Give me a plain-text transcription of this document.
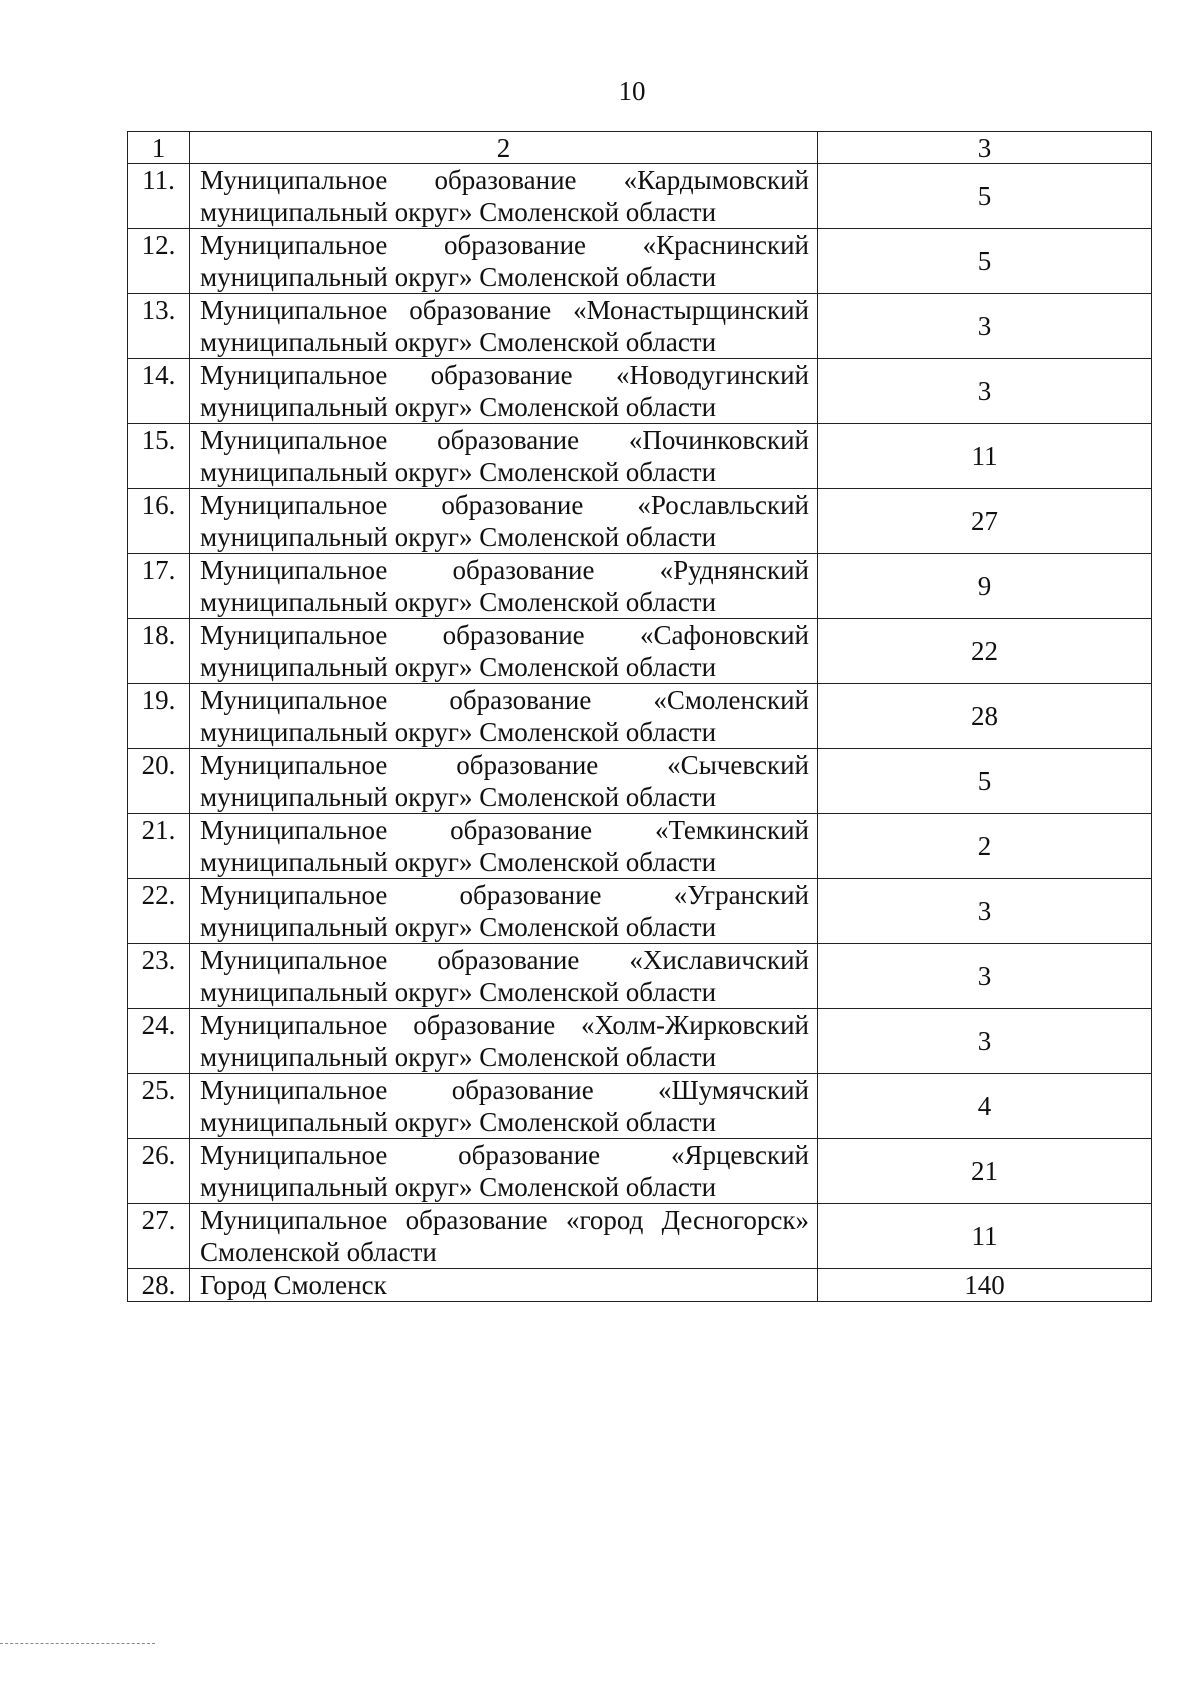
10
1	2	3
11.	Муниципальное образование «Кардымовский
муниципальный округ» Смоленской области	5
12.	Муниципальное образование «Краснинский
муниципальный округ» Смоленской области	5
13.	Муниципальное образование «Монастырщинский
муниципальный округ» Смоленской области	3
14.	Муниципальное образование «Новодугинский
муниципальный округ» Смоленской области	3
15.	Муниципальное образование «Починковский
муниципальный округ» Смоленской области	11
16.	Муниципальное образование «Рославльский
муниципальный округ» Смоленской области	27
17.	Муниципальное образование «Руднянский
муниципальный округ» Смоленской области	9
18.	Муниципальное образование «Сафоновский
муниципальный округ» Смоленской области	22
19.	Муниципальное образование «Смоленский
муниципальный округ» Смоленской области	28
20.	Муниципальное образование «Сычевский
муниципальный округ» Смоленской области	5
21.	Муниципальное образование «Темкинский
муниципальный округ» Смоленской области	2
22.	Муниципальное образование «Угранский
муниципальный округ» Смоленской области	3
23.	Муниципальное образование «Хиславичский
муниципальный округ» Смоленской области	3
24.	Муниципальное образование «Холм-Жирковский
муниципальный округ» Смоленской области	3
25.	Муниципальное образование «Шумячский
муниципальный округ» Смоленской области	4
26.	Муниципальное образование «Ярцевский
муниципальный округ» Смоленской области	21
27.	Муниципальное образование «город Десногорск»
Смоленской области	11
28.	Город Смоленск	140
